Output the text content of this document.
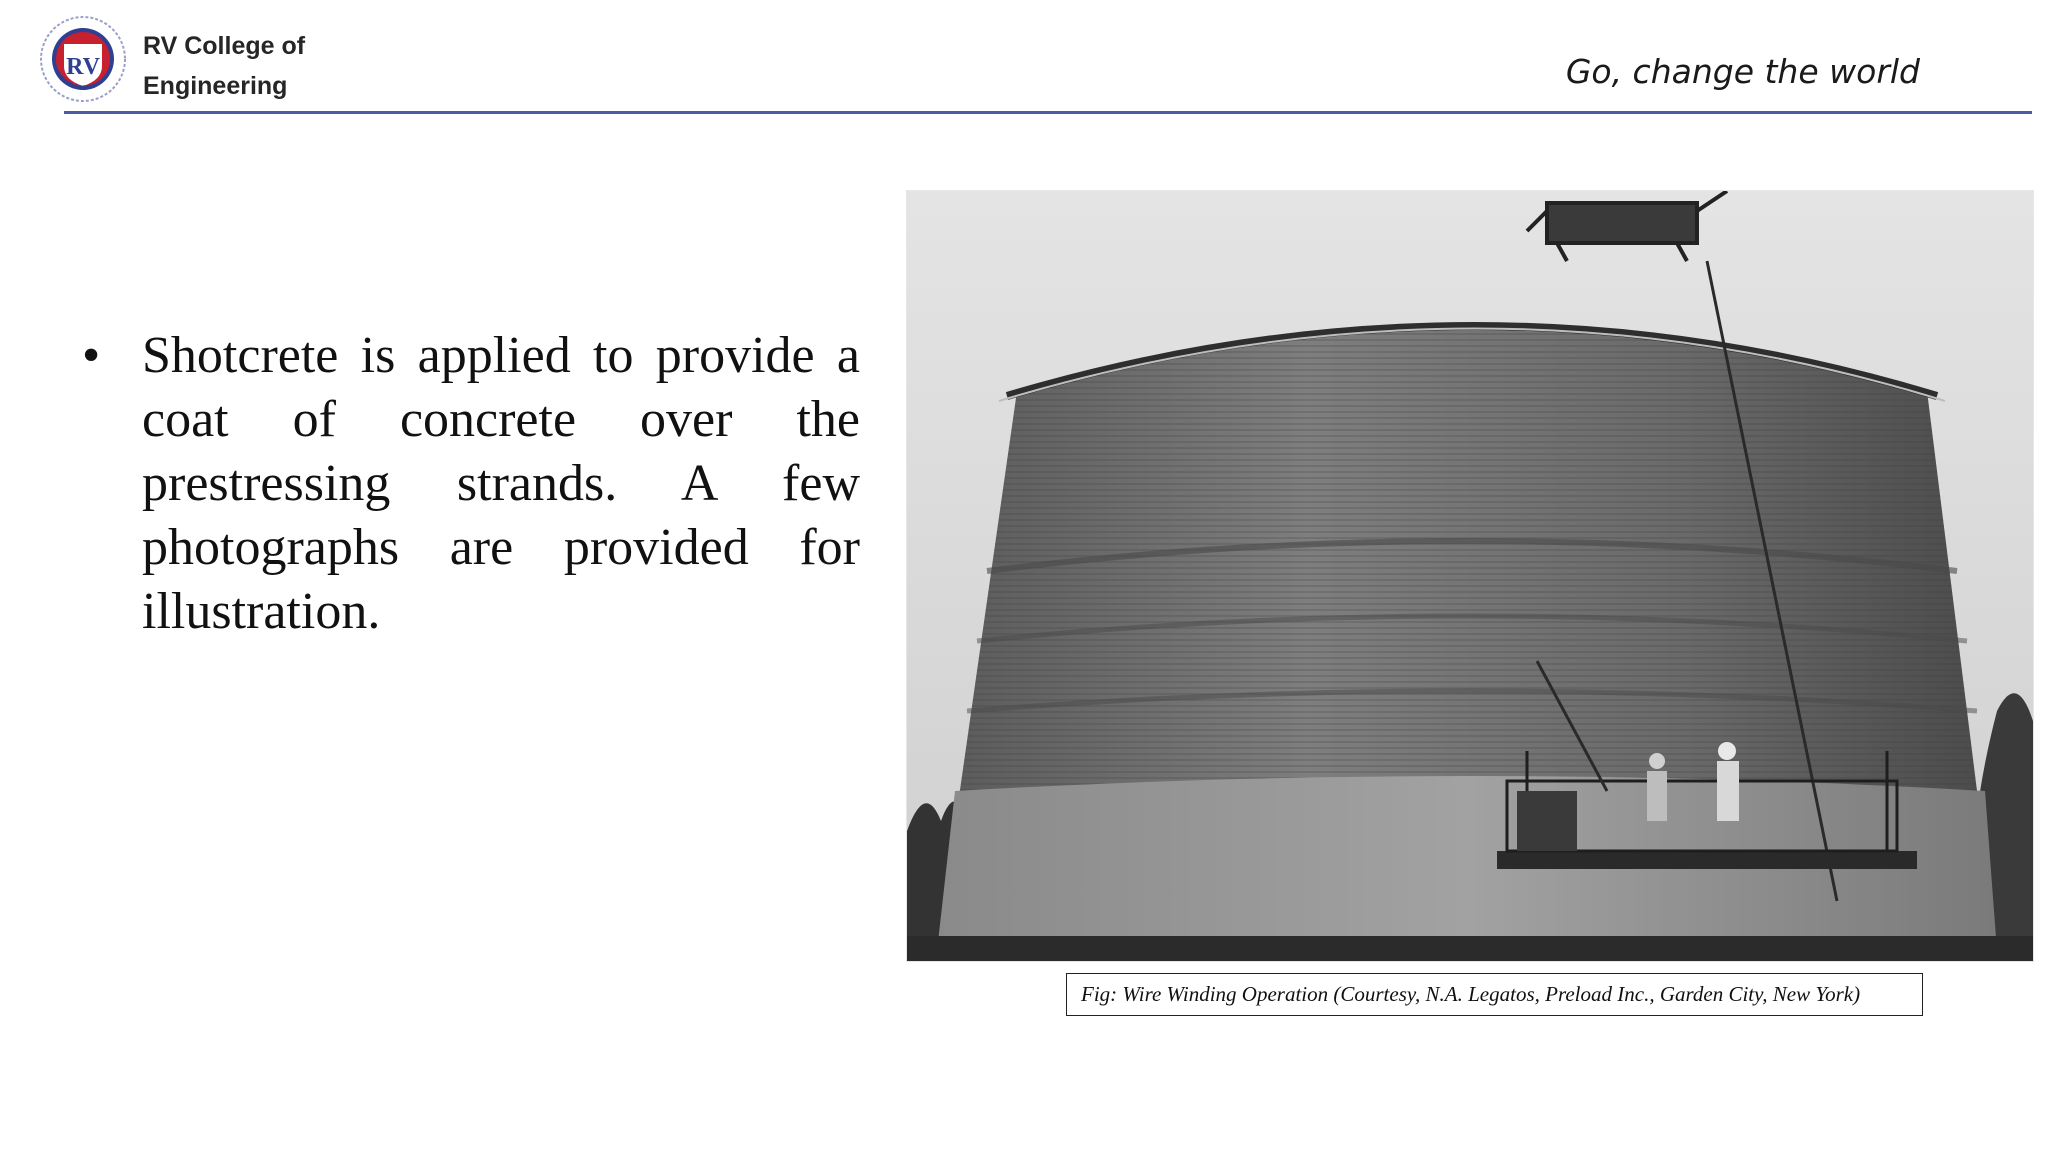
RV
INSTITUTIONS
RV College of
Engineering	Go, change the world
• Shotcrete is applied to provide a coat of concrete over the prestressing strands. A few photographs are provided for illustration.
Fig: Wire Winding Operation (Courtesy, N.A. Legatos, Preload Inc., Garden City, New York)
